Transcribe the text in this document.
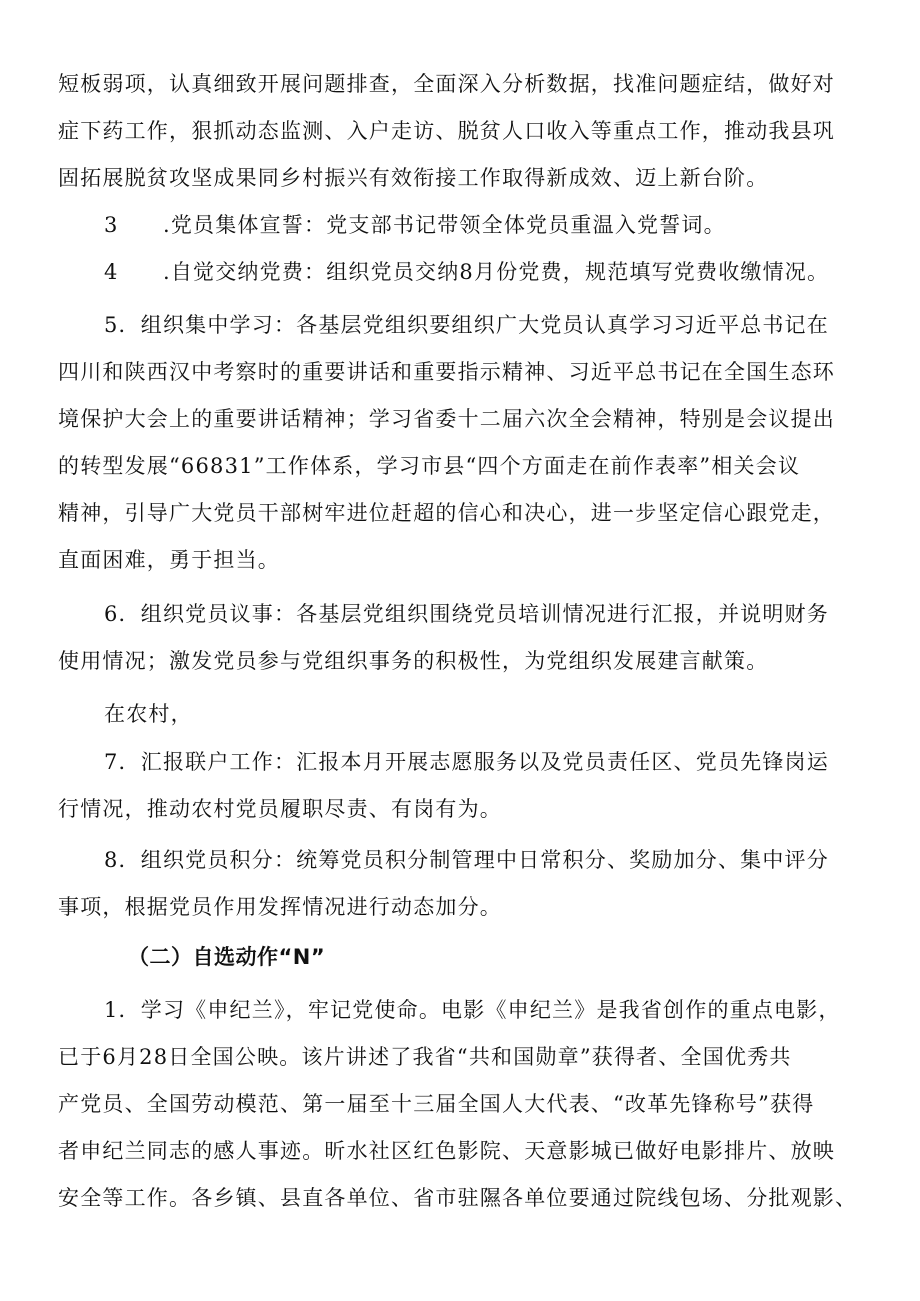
短板弱项，认真细致开展问题排查，全面深入分析数据，找准问题症结，做好对
症下药工作，狠抓动态监测、入户走访、脱贫人口收入等重点工作，推动我县巩
固拓展脱贫攻坚成果同乡村振兴有效衔接工作取得新成效、迈上新台阶。
3　　.党员集体宣誓：党支部书记带领全体党员重温入党誓词。
4　　.自觉交纳党费：组织党员交纳8月份党费，规范填写党费收缴情况。
5．组织集中学习：各基层党组织要组织广大党员认真学习习近平总书记在
四川和陕西汉中考察时的重要讲话和重要指示精神、习近平总书记在全国生态环
境保护大会上的重要讲话精神；学习省委十二届六次全会精神，特别是会议提出
的转型发展“66831”工作体系，学习市县“四个方面走在前作表率”相关会议
精神，引导广大党员干部树牢进位赶超的信心和决心，进一步坚定信心跟党走，
直面困难，勇于担当。
6．组织党员议事：各基层党组织围绕党员培训情况进行汇报，并说明财务
使用情况；激发党员参与党组织事务的积极性，为党组织发展建言献策。
在农村，
7．汇报联户工作：汇报本月开展志愿服务以及党员责任区、党员先锋岗运
行情况，推动农村党员履职尽责、有岗有为。
8．组织党员积分：统筹党员积分制管理中日常积分、奖励加分、集中评分
事项，根据党员作用发挥情况进行动态加分。
（二）自选动作“N”
1．学习《申纪兰》，牢记党使命。电影《申纪兰》是我省创作的重点电影，
已于6月28日全国公映。该片讲述了我省“共和国勋章”获得者、全国优秀共
产党员、全国劳动模范、第一届至十三届全国人大代表、“改革先锋称号”获得
者申纪兰同志的感人事迹。昕水社区红色影院、天意影城已做好电影排片、放映
安全等工作。各乡镇、县直各单位、省市驻隰各单位要通过院线包场、分批观影、
